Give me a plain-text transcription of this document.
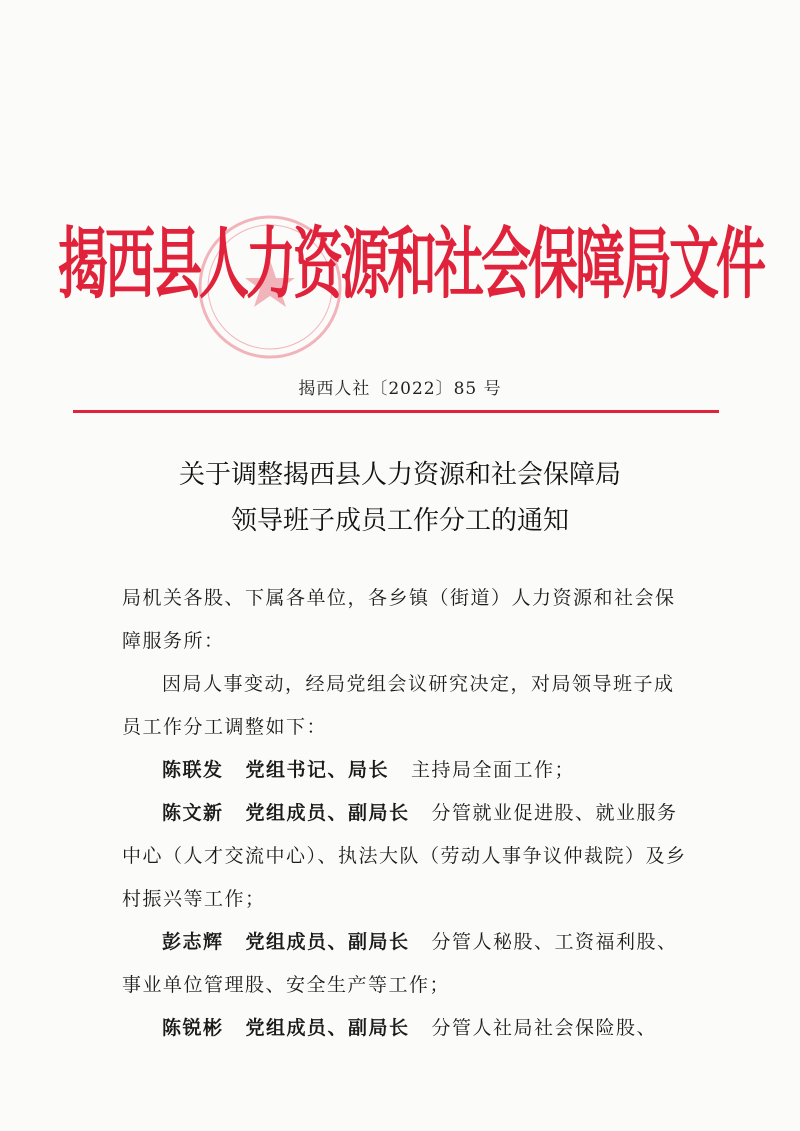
揭西县人力资源和社会保障局文件
揭西人社〔2022〕85 号
关于调整揭西县人力资源和社会保障局
领导班子成员工作分工的通知

局机关各股、下属各单位，各乡镇（街道）人力资源和社会保障服务所：

因局人事变动，经局党组会议研究决定，对局领导班子成员工作分工调整如下：

陈联发 党组书记、局长 主持局全面工作；

陈文新 党组成员、副局长 分管就业促进股、就业服务中心（人才交流中心）、执法大队（劳动人事争议仲裁院）及乡村振兴等工作；

彭志辉 党组成员、副局长 分管人秘股、工资福利股、事业单位管理股、安全生产等工作；

陈锐彬 党组成员、副局长 分管人社局社会保险股、
